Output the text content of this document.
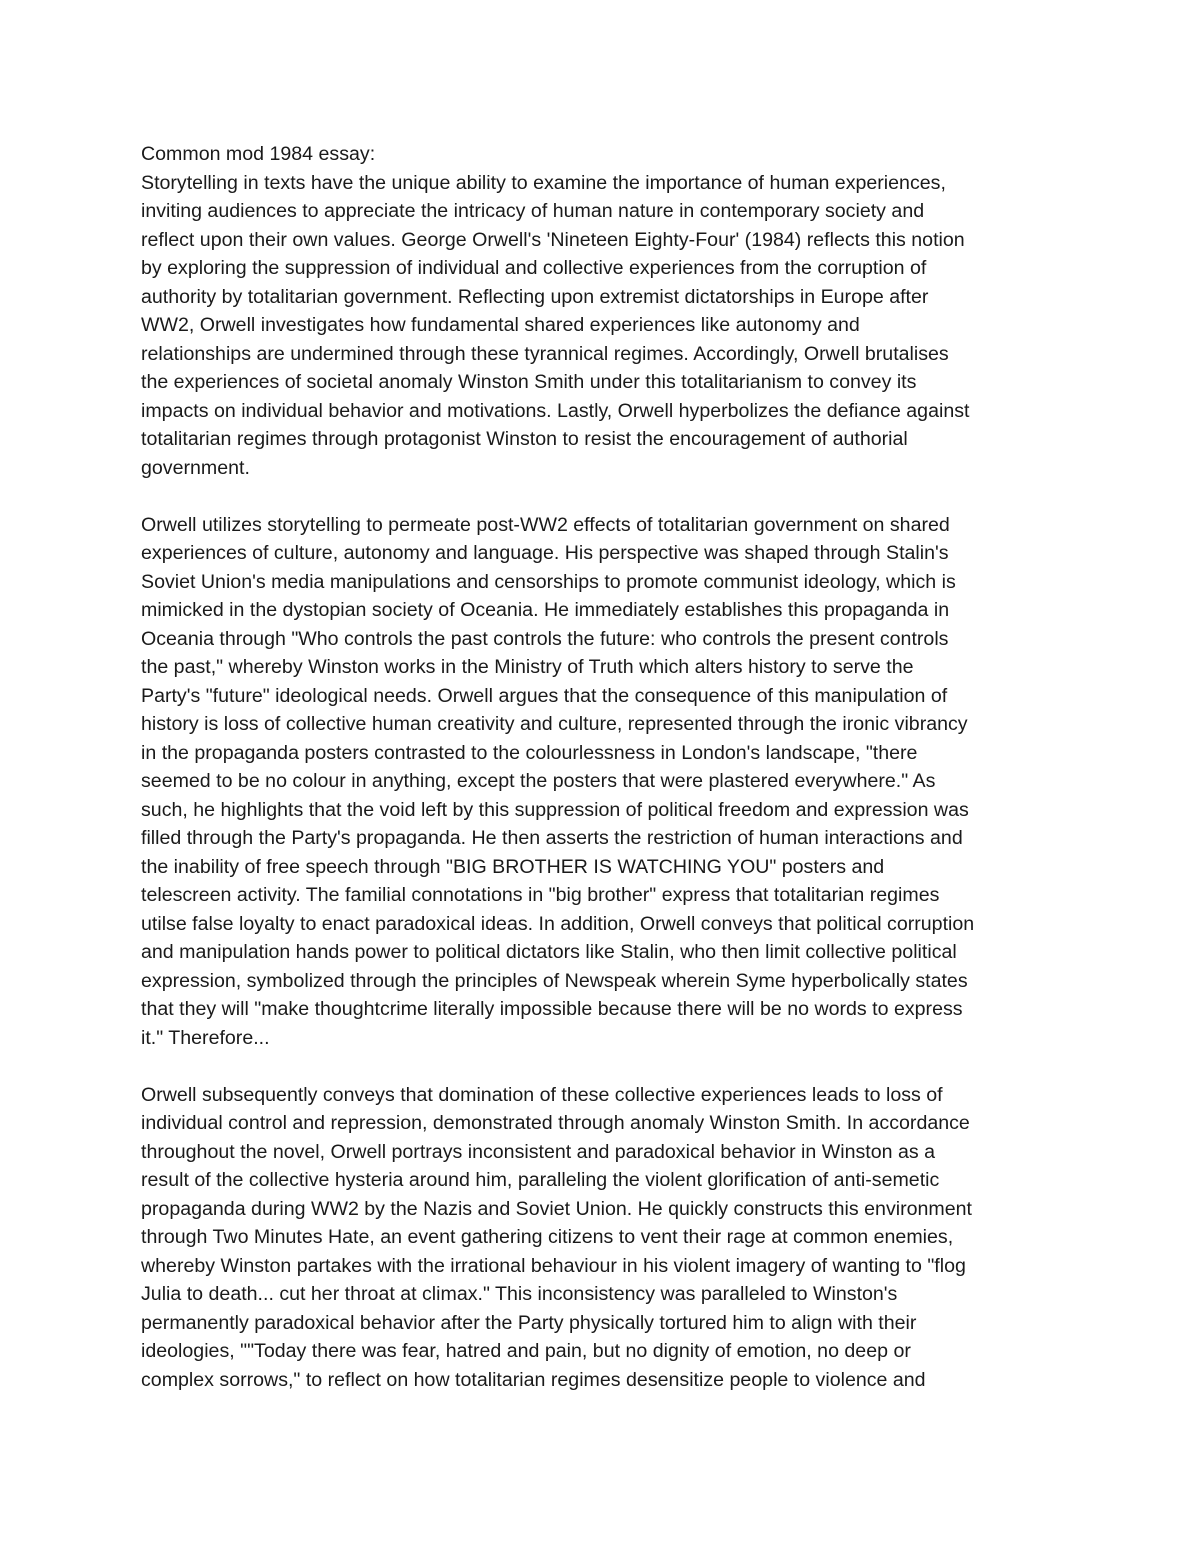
Common mod 1984 essay:
Storytelling in texts have the unique ability to examine the importance of human experiences,
inviting audiences to appreciate the intricacy of human nature in contemporary society and
reflect upon their own values. George Orwell's 'Nineteen Eighty-Four' (1984) reflects this notion
by exploring the suppression of individual and collective experiences from the corruption of
authority by totalitarian government. Reflecting upon extremist dictatorships in Europe after
WW2, Orwell investigates how fundamental shared experiences like autonomy and
relationships are undermined through these tyrannical regimes. Accordingly, Orwell brutalises
the experiences of societal anomaly Winston Smith under this totalitarianism to convey its
impacts on individual behavior and motivations. Lastly, Orwell hyperbolizes the defiance against
totalitarian regimes through protagonist Winston to resist the encouragement of authorial
government.
Orwell utilizes storytelling to permeate post-WW2 effects of totalitarian government on shared
experiences of culture, autonomy and language. His perspective was shaped through Stalin's
Soviet Union's media manipulations and censorships to promote communist ideology, which is
mimicked in the dystopian society of Oceania. He immediately establishes this propaganda in
Oceania through "Who controls the past controls the future: who controls the present controls
the past," whereby Winston works in the Ministry of Truth which alters history to serve the
Party's "future" ideological needs. Orwell argues that the consequence of this manipulation of
history is loss of collective human creativity and culture, represented through the ironic vibrancy
in the propaganda posters contrasted to the colourlessness in London's landscape, "there
seemed to be no colour in anything, except the posters that were plastered everywhere." As
such, he highlights that the void left by this suppression of political freedom and expression was
filled through the Party's propaganda. He then asserts the restriction of human interactions and
the inability of free speech through "BIG BROTHER IS WATCHING YOU" posters and
telescreen activity. The familial connotations in "big brother" express that totalitarian regimes
utilse false loyalty to enact paradoxical ideas. In addition, Orwell conveys that political corruption
and manipulation hands power to political dictators like Stalin, who then limit collective political
expression, symbolized through the principles of Newspeak wherein Syme hyperbolically states
that they will "make thoughtcrime literally impossible because there will be no words to express
it." Therefore...
Orwell subsequently conveys that domination of these collective experiences leads to loss of
individual control and repression, demonstrated through anomaly Winston Smith. In accordance
throughout the novel, Orwell portrays inconsistent and paradoxical behavior in Winston as a
result of the collective hysteria around him, paralleling the violent glorification of anti-semetic
propaganda during WW2 by the Nazis and Soviet Union. He quickly constructs this environment
through Two Minutes Hate, an event gathering citizens to vent their rage at common enemies,
whereby Winston partakes with the irrational behaviour in his violent imagery of wanting to "flog
Julia to death... cut her throat at climax." This inconsistency was paralleled to Winston's
permanently paradoxical behavior after the Party physically tortured him to align with their
ideologies, ""Today there was fear, hatred and pain, but no dignity of emotion, no deep or
complex sorrows," to reflect on how totalitarian regimes desensitize people to violence and
